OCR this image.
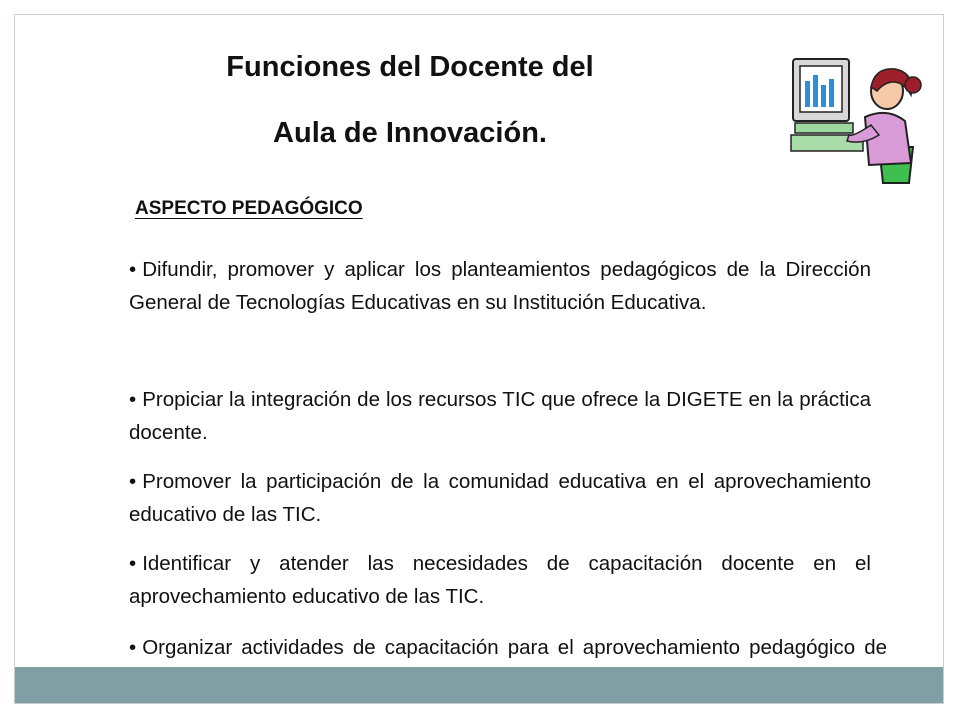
Funciones del Docente del
Aula de Innovación.
ASPECTO PEDAGÓGICO
• Difundir, promover y aplicar los planteamientos pedagógicos de la Dirección General de Tecnologías Educativas en su Institución Educativa.
• Propiciar la integración de los recursos TIC que ofrece la DIGETE en la práctica docente.
• Promover la participación de la comunidad educativa en el aprovechamiento educativo de las TIC.
• Identificar y atender las necesidades de capacitación docente en el aprovechamiento educativo de las TIC.
• Organizar actividades de capacitación para el aprovechamiento pedagógico de
